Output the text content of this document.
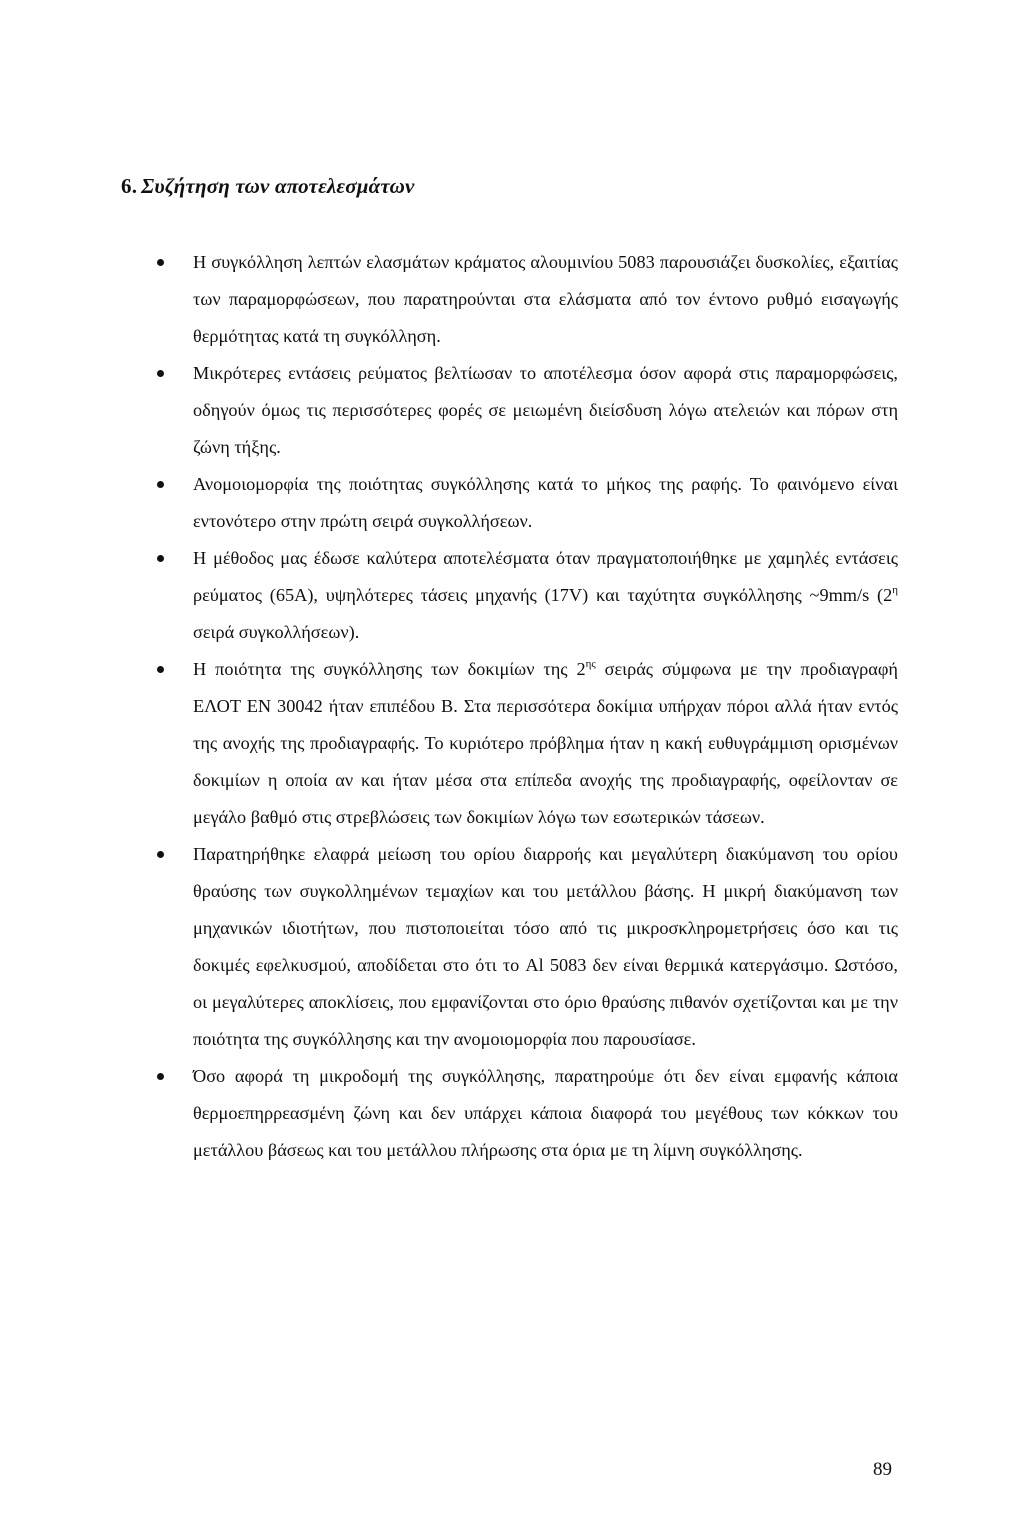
6. Συζήτηση των αποτελεσμάτων
Η συγκόλληση λεπτών ελασμάτων κράματος αλουμινίου 5083 παρουσιάζει δυσκολίες, εξαιτίας των παραμορφώσεων, που παρατηρούνται στα ελάσματα από τον έντονο ρυθμό εισαγωγής θερμότητας κατά τη συγκόλληση.
Μικρότερες εντάσεις ρεύματος βελτίωσαν το αποτέλεσμα όσον αφορά στις παραμορφώσεις, οδηγούν όμως τις περισσότερες φορές σε μειωμένη διείσδυση λόγω ατελειών και πόρων στη ζώνη τήξης.
Ανομοιομορφία της ποιότητας συγκόλλησης κατά το μήκος της ραφής. Το φαινόμενο είναι εντονότερο στην πρώτη σειρά συγκολλήσεων.
Η μέθοδος μας έδωσε καλύτερα αποτελέσματα όταν πραγματοποιήθηκε με χαμηλές εντάσεις ρεύματος (65A), υψηλότερες τάσεις μηχανής (17V) και ταχύτητα συγκόλλησης ~9mm/s ($2^\eta$ σειρά συγκολλήσεων).
Η ποιότητα της συγκόλλησης των δοκιμίων της $2^{\eta\varsigma}$ σειράς σύμφωνα με την προδιαγραφή ΕΛΟΤ EN 30042 ήταν επιπέδου B. Στα περισσότερα δοκίμια υπήρχαν πόροι αλλά ήταν εντός της ανοχής της προδιαγραφής. Το κυριότερο πρόβλημα ήταν η κακή ευθυγράμμιση ορισμένων δοκιμίων η οποία αν και ήταν μέσα στα επίπεδα ανοχής της προδιαγραφής, οφείλονταν σε μεγάλο βαθμό στις στρεβλώσεις των δοκιμίων λόγω των εσωτερικών τάσεων.
Παρατηρήθηκε ελαφρά μείωση του ορίου διαρροής και μεγαλύτερη διακύμανση του ορίου θραύσης των συγκολλημένων τεμαχίων και του μετάλλου βάσης. Η μικρή διακύμανση των μηχανικών ιδιοτήτων, που πιστοποιείται τόσο από τις μικροσκληρομετρήσεις όσο και τις δοκιμές εφελκυσμού, αποδίδεται στο ότι το Al 5083 δεν είναι θερμικά κατεργάσιμο. Ωστόσο, οι μεγαλύτερες αποκλίσεις, που εμφανίζονται στο όριο θραύσης πιθανόν σχετίζονται και με την ποιότητα της συγκόλλησης και την ανομοιομορφία που παρουσίασε.
Όσο αφορά τη μικροδομή της συγκόλλησης, παρατηρούμε ότι δεν είναι εμφανής κάποια θερμοεπηρρεασμένη ζώνη και δεν υπάρχει κάποια διαφορά του μεγέθους των κόκκων του μετάλλου βάσεως και του μετάλλου πλήρωσης στα όρια με τη λίμνη συγκόλλησης.
89
